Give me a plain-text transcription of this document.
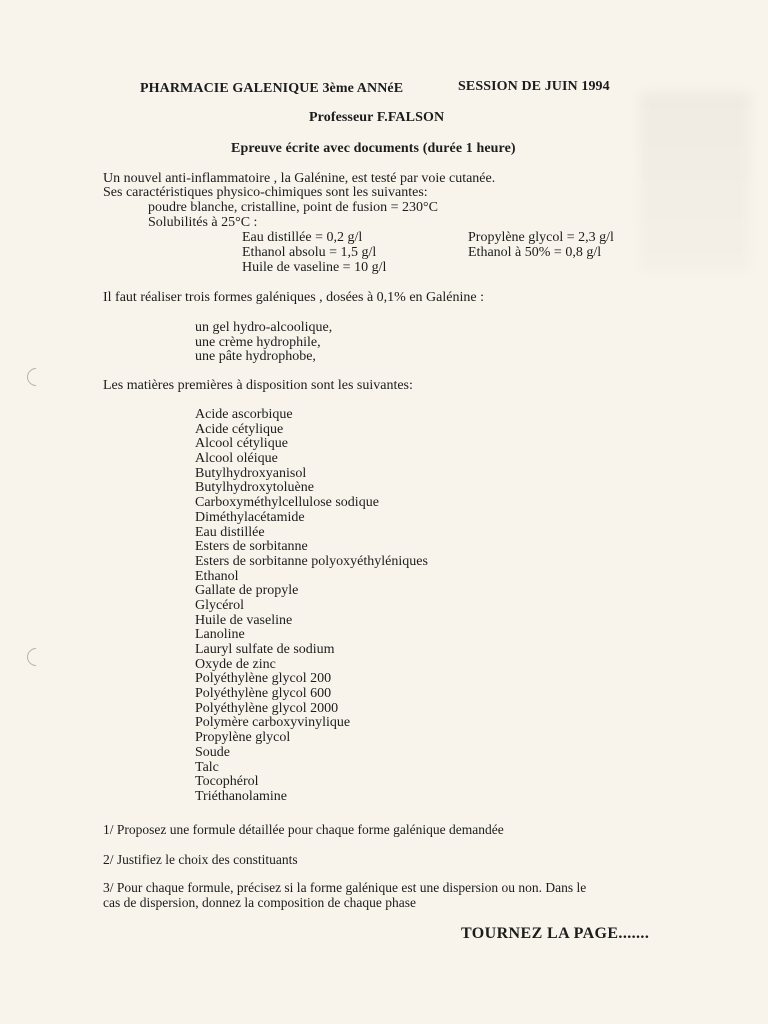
PHARMACIE GALENIQUE 3ème ANNéE	SESSION DE JUIN 1994
Professeur F.FALSON
Epreuve écrite avec documents (durée 1 heure)
Un nouvel anti-inflammatoire , la Galénine, est testé par voie cutanée.
Ses caractéristiques physico-chimiques sont les suivantes:
poudre blanche, cristalline, point de fusion = 230°C
Solubilités à 25°C :
Eau distillée = 0,2 g/l
Ethanol absolu = 1,5 g/l
Huile de vaseline = 10 g/l
Propylène glycol = 2,3 g/l
Ethanol à 50% = 0,8 g/l
Il faut réaliser trois formes galéniques , dosées à 0,1% en Galénine :
un gel hydro-alcoolique,
une crème hydrophile,
une pâte hydrophobe,
Les matières premières à disposition sont les suivantes:
Acide ascorbique
Acide cétylique
Alcool cétylique
Alcool oléique
Butylhydroxyanisol
Butylhydroxytoluène
Carboxyméthylcellulose sodique
Diméthylacétamide
Eau distillée
Esters de sorbitanne
Esters de sorbitanne polyoxyéthyléniques
Ethanol
Gallate de propyle
Glycérol
Huile de vaseline
Lanoline
Lauryl sulfate de sodium
Oxyde de zinc
Polyéthylène glycol 200
Polyéthylène glycol 600
Polyéthylène glycol 2000
Polymère carboxyvinylique
Propylène glycol
Soude
Talc
Tocophérol
Triéthanolamine
1/ Proposez une formule détaillée pour chaque forme galénique demandée
2/ Justifiez le choix des constituants
3/ Pour chaque formule, précisez si la forme galénique est une dispersion ou non. Dans le
cas de dispersion, donnez la composition de chaque phase
TOURNEZ LA PAGE.......
